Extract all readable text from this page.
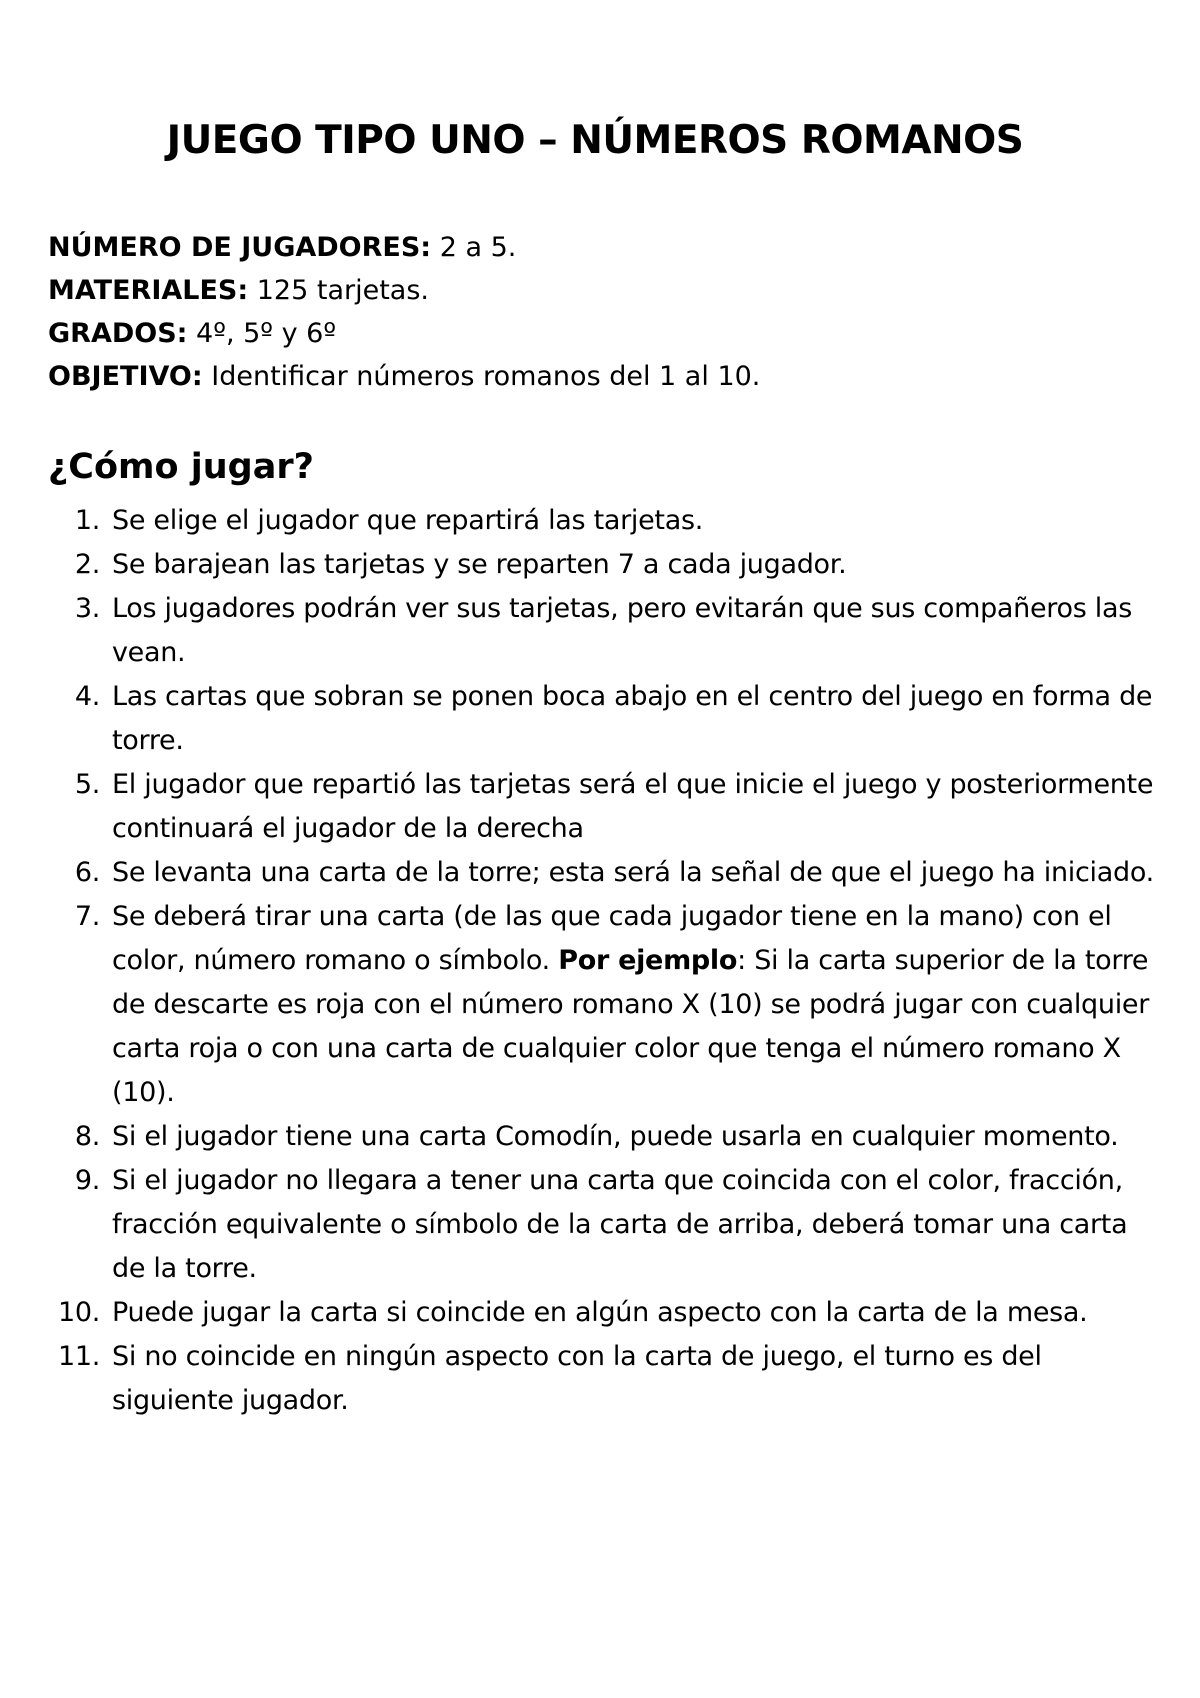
JUEGO TIPO UNO – NÚMEROS ROMANOS
NÚMERO DE JUGADORES: 2 a 5.
MATERIALES: 125 tarjetas.
GRADOS: 4º, 5º y 6º
OBJETIVO: Identificar números romanos del 1 al 10.
¿Cómo jugar?
1. Se elige el jugador que repartirá las tarjetas.
2. Se barajean las tarjetas y se reparten 7 a cada jugador.
3. Los jugadores podrán ver sus tarjetas, pero evitarán que sus compañeros las vean.
4. Las cartas que sobran se ponen boca abajo en el centro del juego en forma de torre.
5. El jugador que repartió las tarjetas será el que inicie el juego y posteriormente continuará el jugador de la derecha
6. Se levanta una carta de la torre; esta será la señal de que el juego ha iniciado.
7. Se deberá tirar una carta (de las que cada jugador tiene en la mano) con el color, número romano o símbolo. Por ejemplo: Si la carta superior de la torre de descarte es roja con el número romano X (10) se podrá jugar con cualquier carta roja o con una carta de cualquier color que tenga el número romano X (10).
8. Si el jugador tiene una carta Comodín, puede usarla en cualquier momento.
9. Si el jugador no llegara a tener una carta que coincida con el color, fracción, fracción equivalente o símbolo de la carta de arriba, deberá tomar una carta de la torre.
10. Puede jugar la carta si coincide en algún aspecto con la carta de la mesa.
11. Si no coincide en ningún aspecto con la carta de juego, el turno es del siguiente jugador.
